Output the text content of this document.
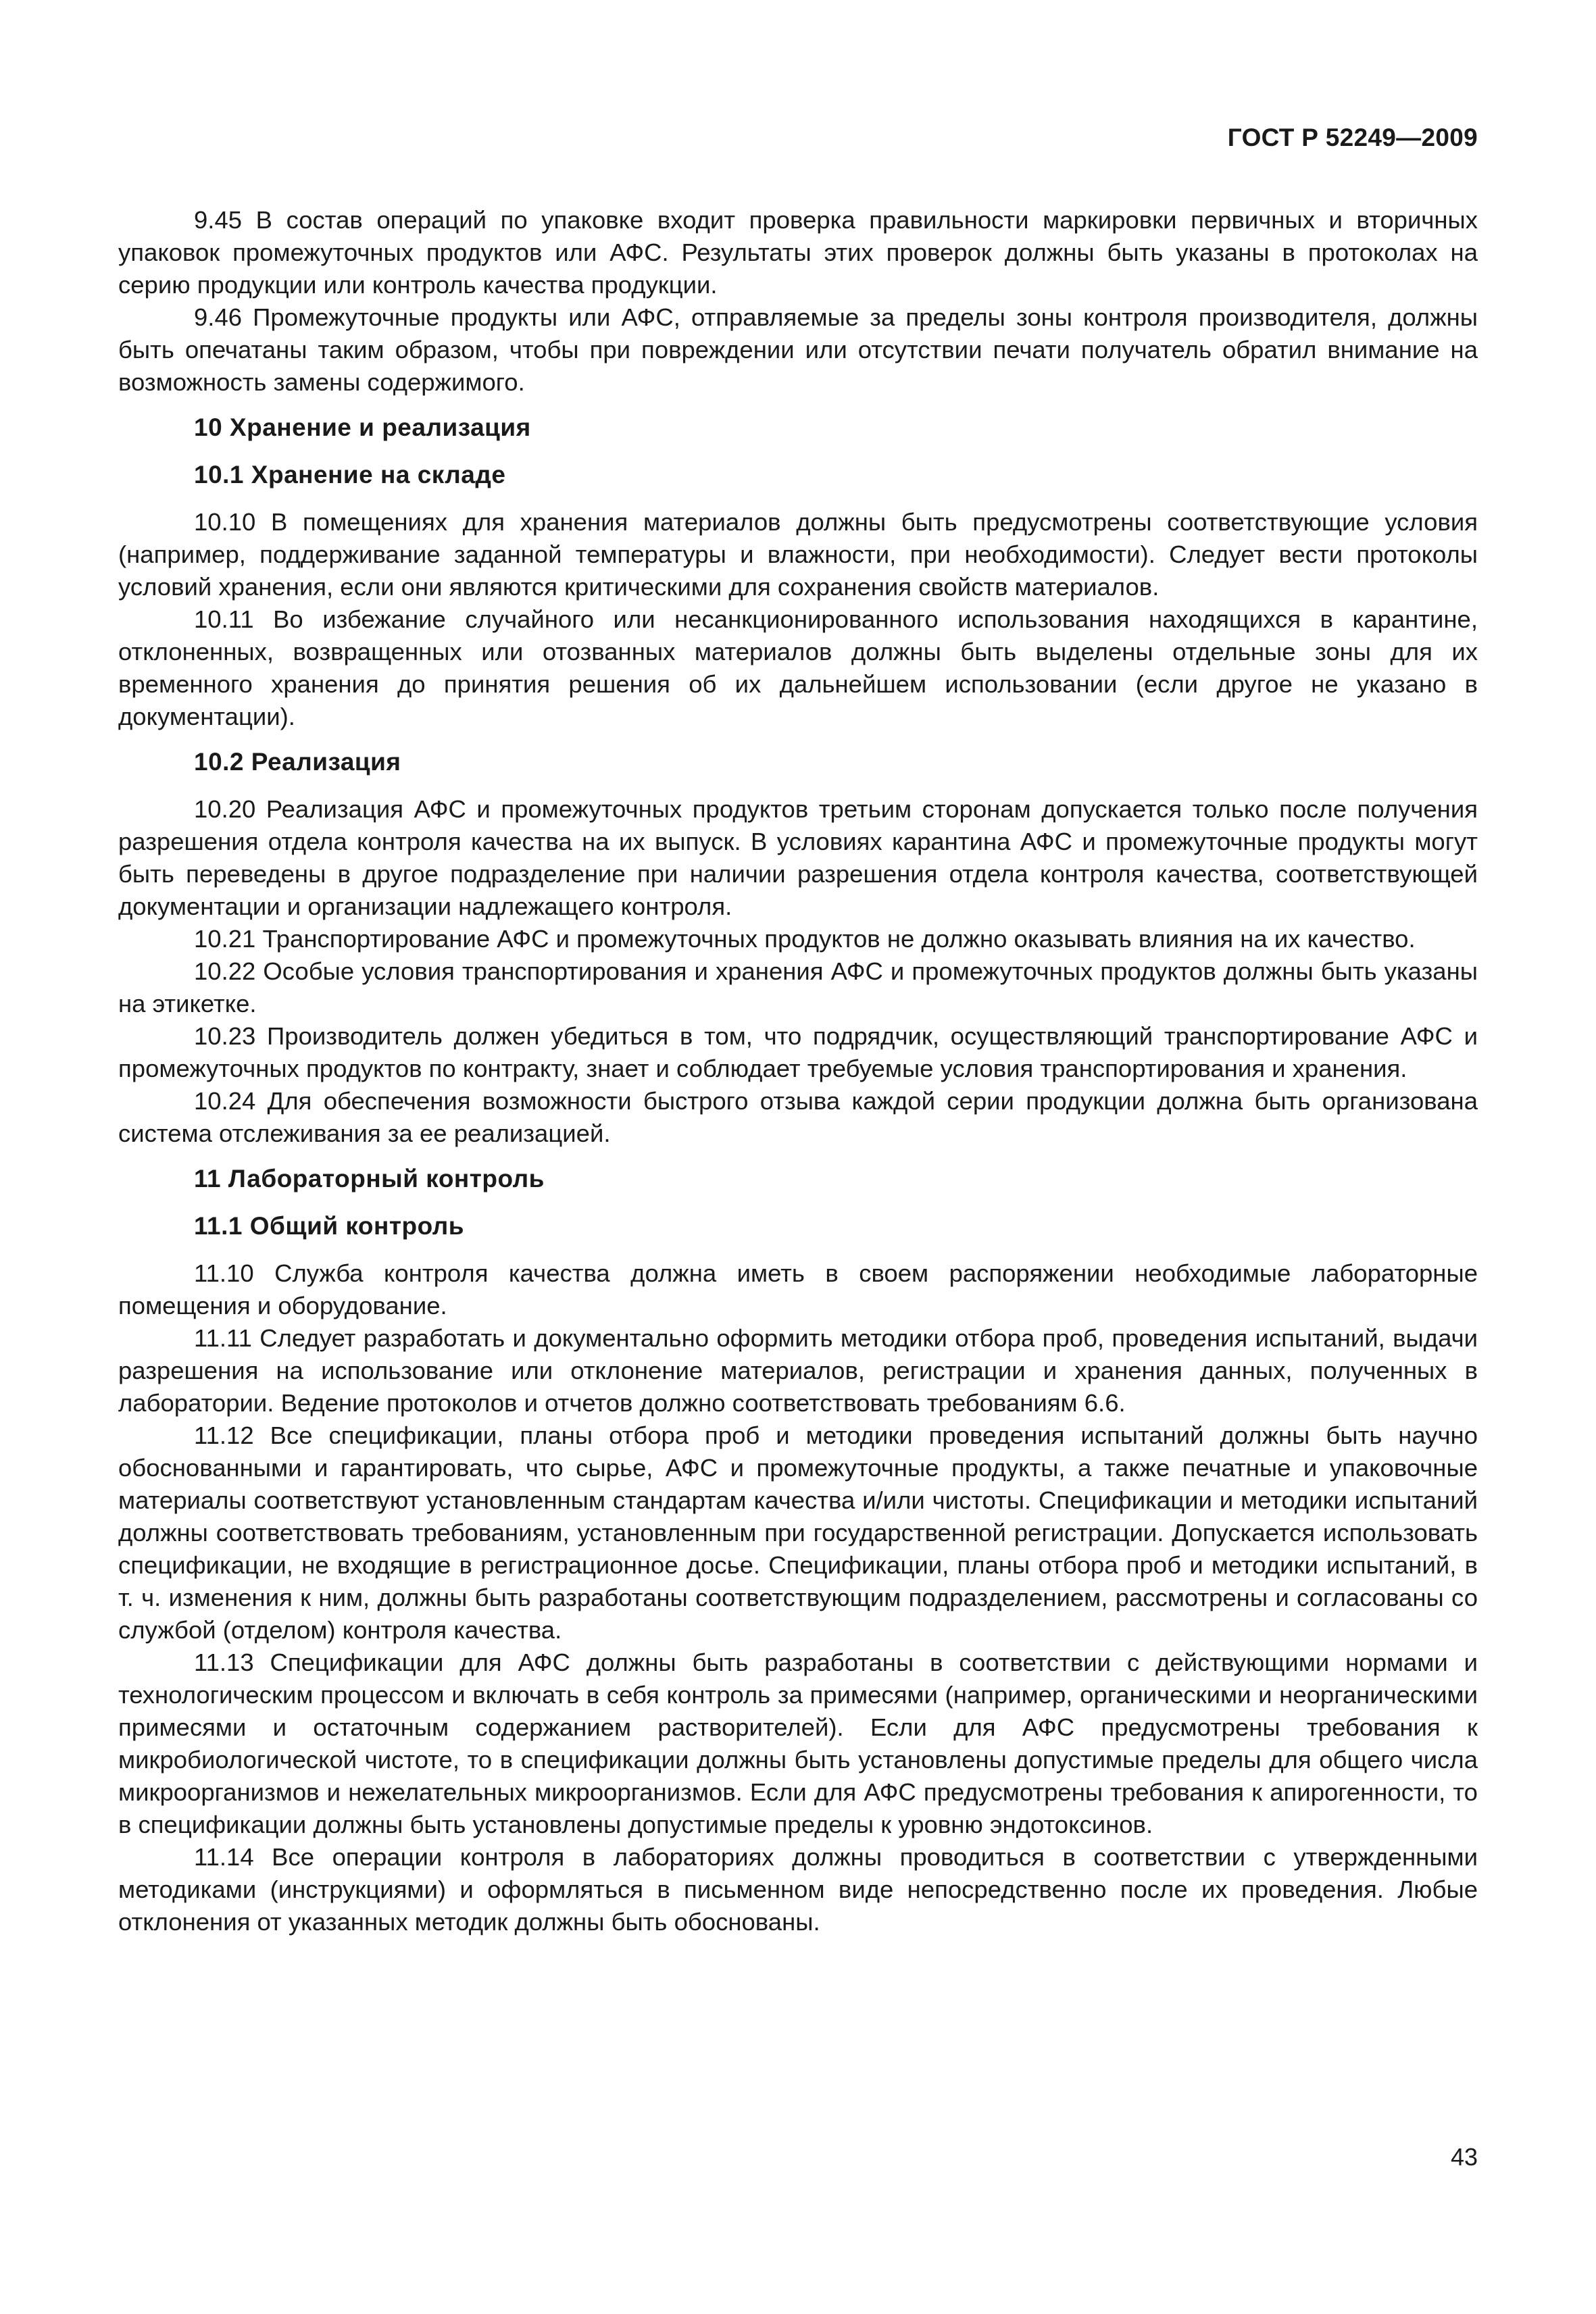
ГОСТ Р 52249—2009

9.45 В состав операций по упаковке входит проверка правильности маркировки первичных и вторичных упаковок промежуточных продуктов или АФС. Результаты этих проверок должны быть указаны в протоколах на серию продукции или контроль качества продукции.

9.46 Промежуточные продукты или АФС, отправляемые за пределы зоны контроля производителя, должны быть опечатаны таким образом, чтобы при повреждении или отсутствии печати получатель обратил внимание на возможность замены содержимого.

10 Хранение и реализация
10.1 Хранение на складе

10.10 В помещениях для хранения материалов должны быть предусмотрены соответствующие условия (например, поддерживание заданной температуры и влажности, при необходимости). Следует вести протоколы условий хранения, если они являются критическими для сохранения свойств материалов.

10.11 Во избежание случайного или несанкционированного использования находящихся в карантине, отклоненных, возвращенных или отозванных материалов должны быть выделены отдельные зоны для их временного хранения до принятия решения об их дальнейшем использовании (если другое не указано в документации).

10.2 Реализация

10.20 Реализация АФС и промежуточных продуктов третьим сторонам допускается только после получения разрешения отдела контроля качества на их выпуск. В условиях карантина АФС и промежуточные продукты могут быть переведены в другое подразделение при наличии разрешения отдела контроля качества, соответствующей документации и организации надлежащего контроля.

10.21 Транспортирование АФС и промежуточных продуктов не должно оказывать влияния на их качество.

10.22 Особые условия транспортирования и хранения АФС и промежуточных продуктов должны быть указаны на этикетке.

10.23 Производитель должен убедиться в том, что подрядчик, осуществляющий транспортирование АФС и промежуточных продуктов по контракту, знает и соблюдает требуемые условия транспортирования и хранения.

10.24 Для обеспечения возможности быстрого отзыва каждой серии продукции должна быть организована система отслеживания за ее реализацией.

11 Лабораторный контроль
11.1 Общий контроль

11.10 Служба контроля качества должна иметь в своем распоряжении необходимые лабораторные помещения и оборудование.

11.11 Следует разработать и документально оформить методики отбора проб, проведения испытаний, выдачи разрешения на использование или отклонение материалов, регистрации и хранения данных, полученных в лаборатории. Ведение протоколов и отчетов должно соответствовать требованиям 6.6.

11.12 Все спецификации, планы отбора проб и методики проведения испытаний должны быть научно обоснованными и гарантировать, что сырье, АФС и промежуточные продукты, а также печатные и упаковочные материалы соответствуют установленным стандартам качества и/или чистоты. Спецификации и методики испытаний должны соответствовать требованиям, установленным при государственной регистрации. Допускается использовать спецификации, не входящие в регистрационное досье. Спецификации, планы отбора проб и методики испытаний, в т. ч. изменения к ним, должны быть разработаны соответствующим подразделением, рассмотрены и согласованы со службой (отделом) контроля качества.

11.13 Спецификации для АФС должны быть разработаны в соответствии с действующими нормами и технологическим процессом и включать в себя контроль за примесями (например, органическими и неорганическими примесями и остаточным содержанием растворителей). Если для АФС предусмотрены требования к микробиологической чистоте, то в спецификации должны быть установлены допустимые пределы для общего числа микроорганизмов и нежелательных микроорганизмов. Если для АФС предусмотрены требования к апирогенности, то в спецификации должны быть установлены допустимые пределы к уровню эндотоксинов.

11.14 Все операции контроля в лабораториях должны проводиться в соответствии с утвержденными методиками (инструкциями) и оформляться в письменном виде непосредственно после их проведения. Любые отклонения от указанных методик должны быть обоснованы.

43
